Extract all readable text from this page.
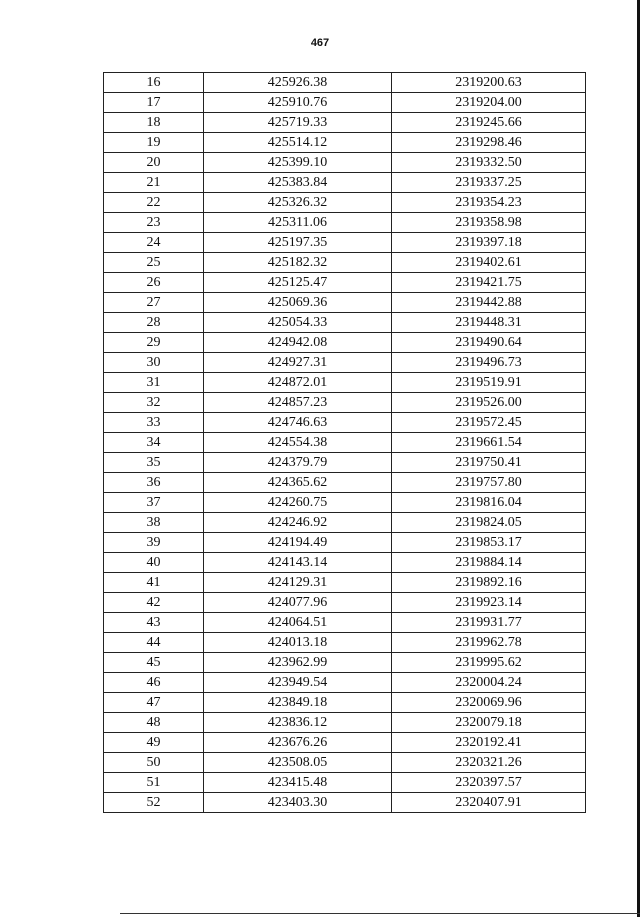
467
16	425926.38	2319200.63
17	425910.76	2319204.00
18	425719.33	2319245.66
19	425514.12	2319298.46
20	425399.10	2319332.50
21	425383.84	2319337.25
22	425326.32	2319354.23
23	425311.06	2319358.98
24	425197.35	2319397.18
25	425182.32	2319402.61
26	425125.47	2319421.75
27	425069.36	2319442.88
28	425054.33	2319448.31
29	424942.08	2319490.64
30	424927.31	2319496.73
31	424872.01	2319519.91
32	424857.23	2319526.00
33	424746.63	2319572.45
34	424554.38	2319661.54
35	424379.79	2319750.41
36	424365.62	2319757.80
37	424260.75	2319816.04
38	424246.92	2319824.05
39	424194.49	2319853.17
40	424143.14	2319884.14
41	424129.31	2319892.16
42	424077.96	2319923.14
43	424064.51	2319931.77
44	424013.18	2319962.78
45	423962.99	2319995.62
46	423949.54	2320004.24
47	423849.18	2320069.96
48	423836.12	2320079.18
49	423676.26	2320192.41
50	423508.05	2320321.26
51	423415.48	2320397.57
52	423403.30	2320407.91
